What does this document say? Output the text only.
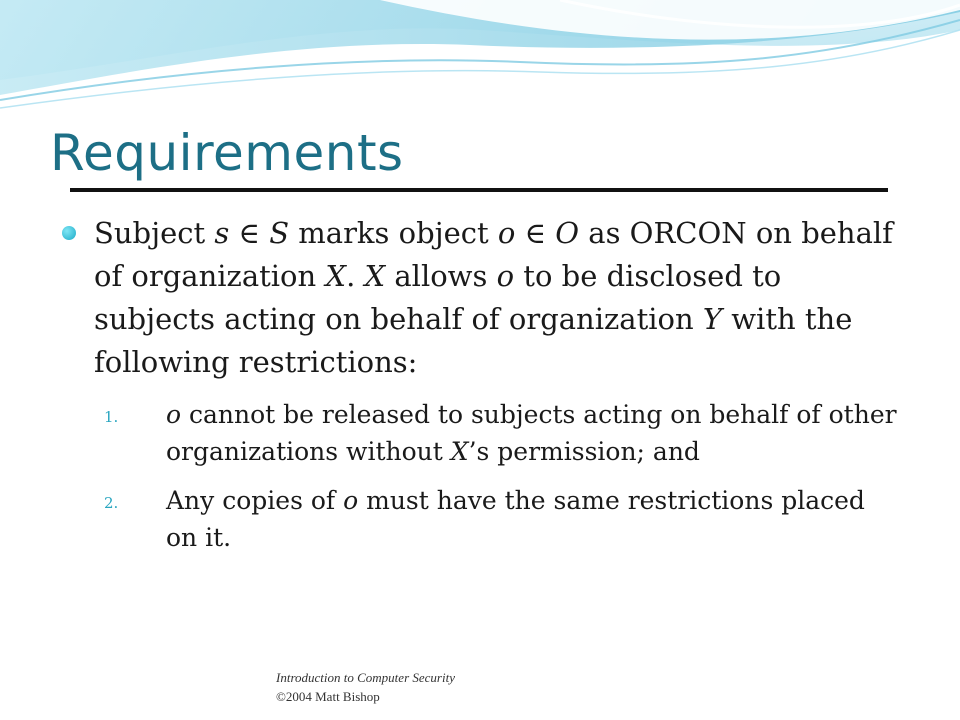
Requirements
Subject s ∈ S marks object o ∈ O as ORCON on behalf of organization X. X allows o to be disclosed to subjects acting on behalf of organization Y with the following restrictions:
1. o cannot be released to subjects acting on behalf of other organizations without X’s permission; and
2. Any copies of o must have the same restrictions placed on it.
Introduction to Computer Security
©2004 Matt Bishop
